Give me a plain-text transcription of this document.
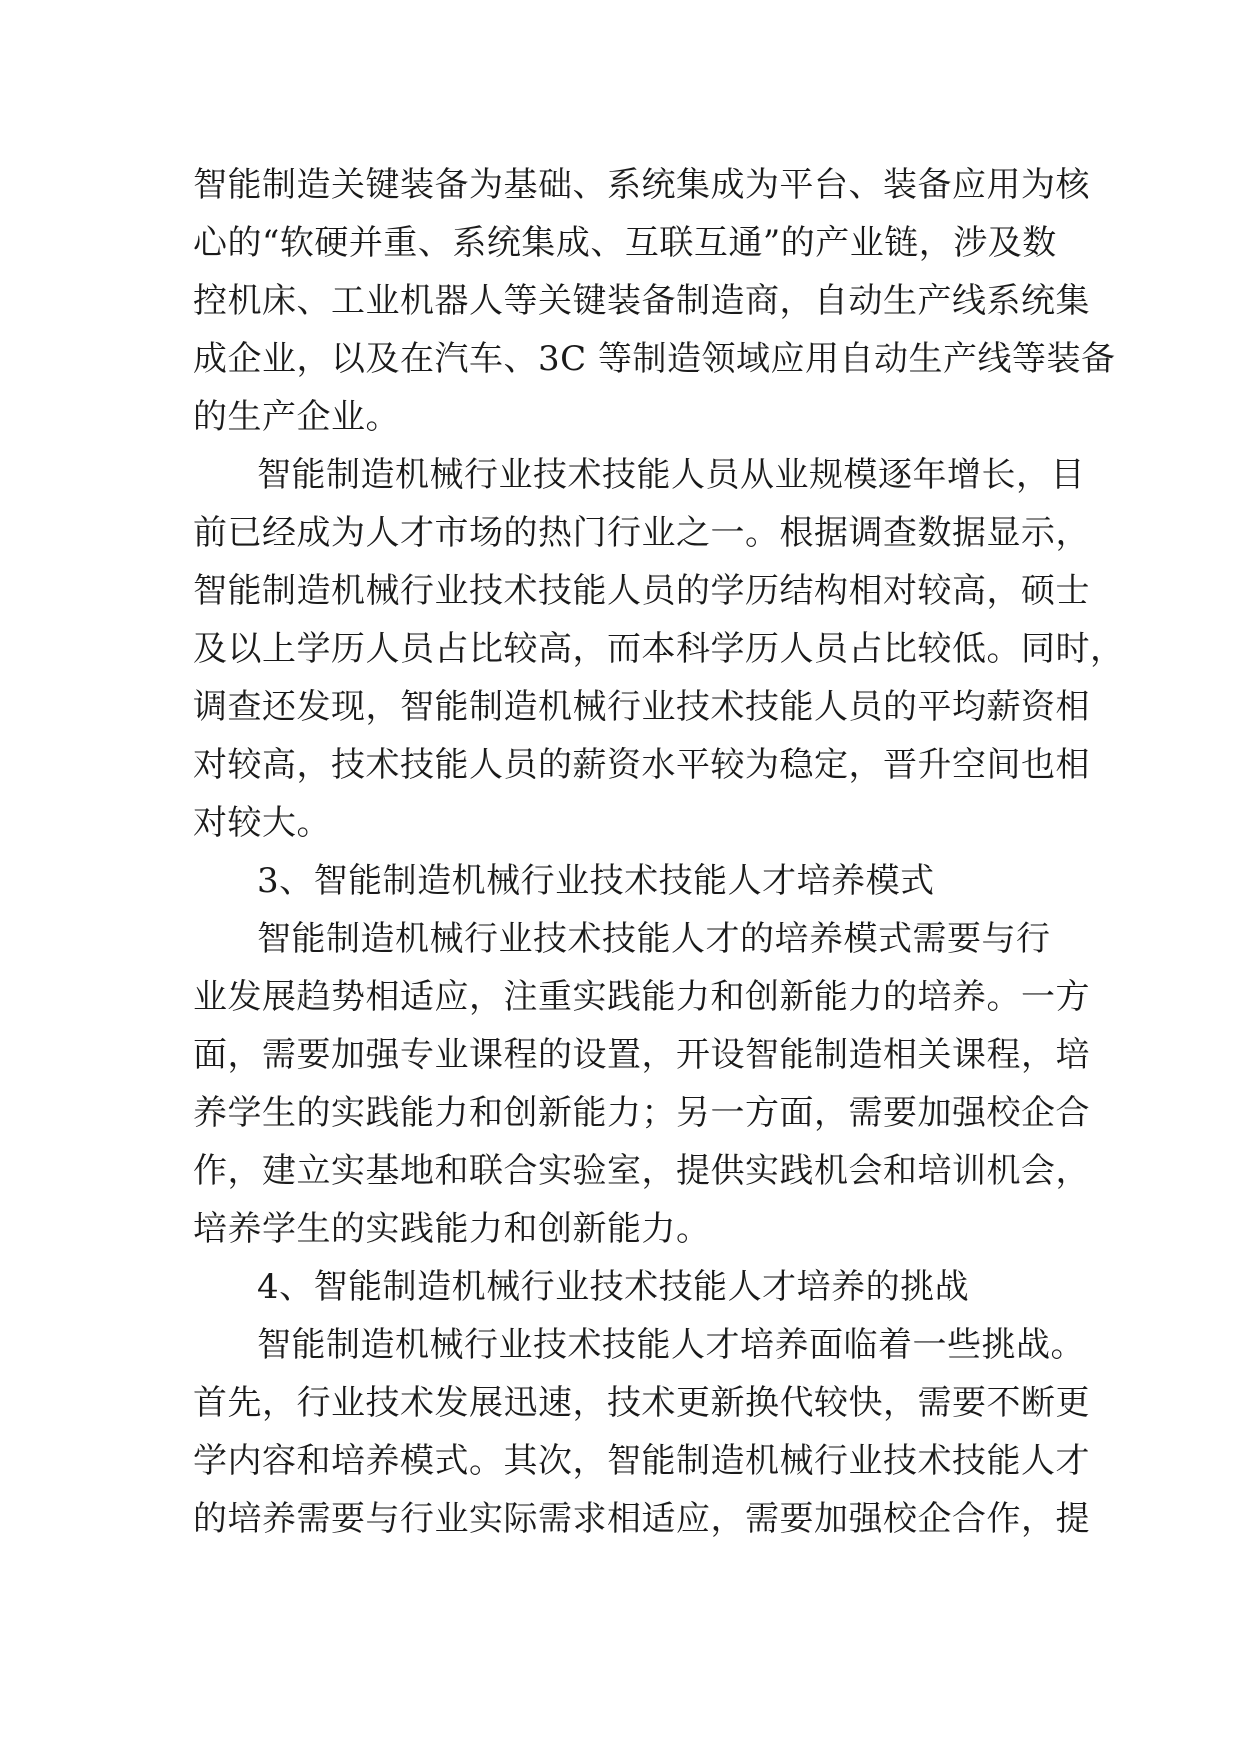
智能制造关键装备为基础、系统集成为平台、装备应用为核
心的“软硬并重、系统集成、互联互通”的产业链，涉及数
控机床、工业机器人等关键装备制造商，自动生产线系统集
成企业，以及在汽车、3C 等制造领域应用自动生产线等装备
的生产企业。
智能制造机械行业技术技能人员从业规模逐年增长，目
前已经成为人才市场的热门行业之一。根据调查数据显示，
智能制造机械行业技术技能人员的学历结构相对较高，硕士
及以上学历人员占比较高，而本科学历人员占比较低。同时，
调查还发现，智能制造机械行业技术技能人员的平均薪资相
对较高，技术技能人员的薪资水平较为稳定，晋升空间也相
对较大。
3、智能制造机械行业技术技能人才培养模式
智能制造机械行业技术技能人才的培养模式需要与行
业发展趋势相适应，注重实践能力和创新能力的培养。一方
面，需要加强专业课程的设置，开设智能制造相关课程，培
养学生的实践能力和创新能力；另一方面，需要加强校企合
作，建立实基地和联合实验室，提供实践机会和培训机会，
培养学生的实践能力和创新能力。
4、智能制造机械行业技术技能人才培养的挑战
智能制造机械行业技术技能人才培养面临着一些挑战。
首先，行业技术发展迅速，技术更新换代较快，需要不断更
学内容和培养模式。其次，智能制造机械行业技术技能人才
的培养需要与行业实际需求相适应，需要加强校企合作，提
